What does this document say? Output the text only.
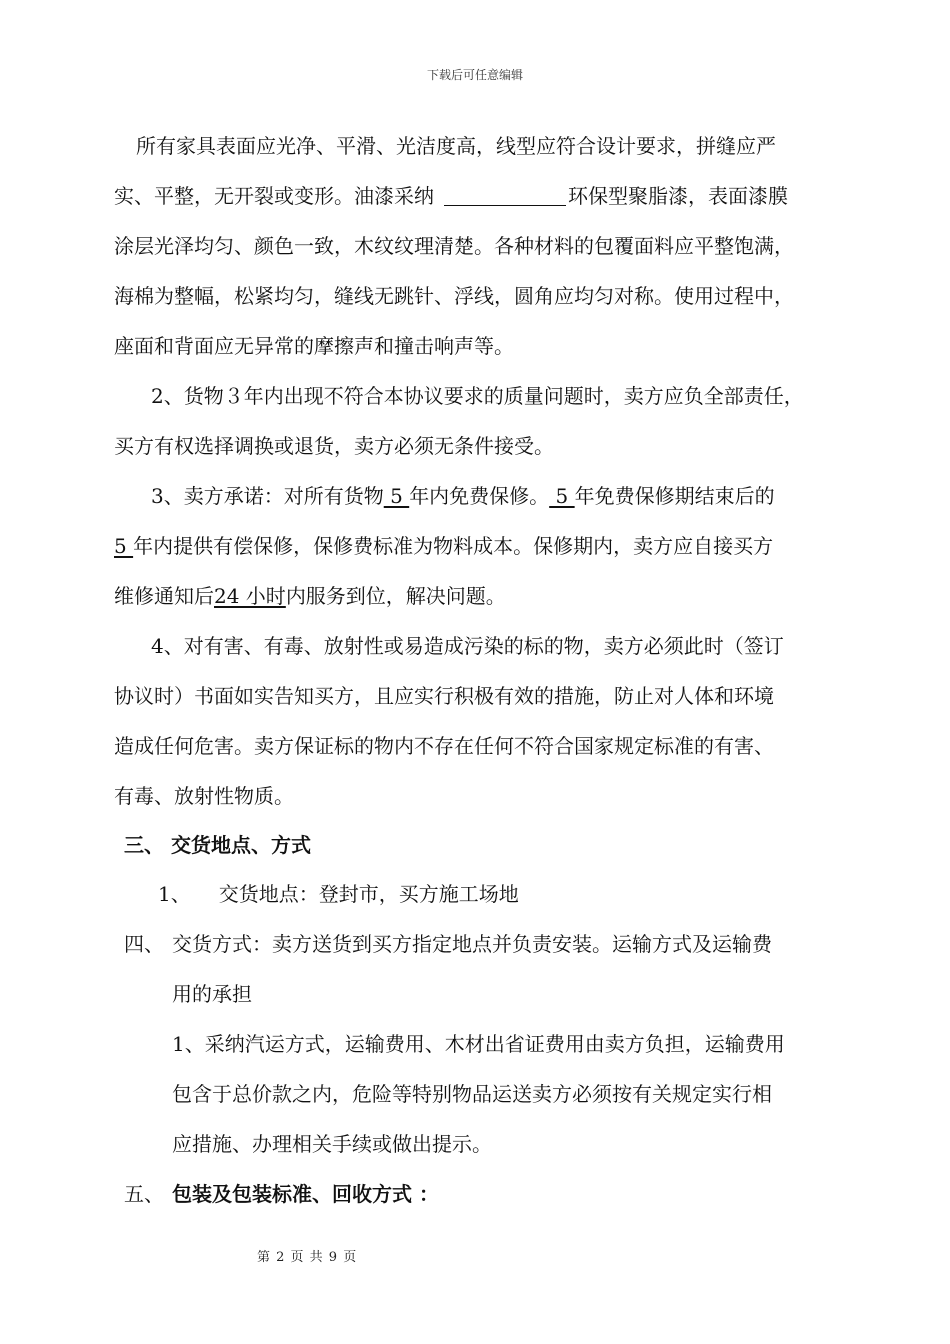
下载后可任意编辑
所有家具表面应光净、平滑、光洁度高，线型应符合设计要求，拼缝应严
实、平整，无开裂或变形。油漆采纳	环保型聚脂漆，表面漆膜
涂层光泽均匀、颜色一致，木纹纹理清楚。各种材料的包覆面料应平整饱满，
海棉为整幅，松紧均匀，缝线无跳针、浮线，圆角应均匀对称。使用过程中，
座面和背面应无异常的摩擦声和撞击响声等。
2、货物３年内出现不符合本协议要求的质量问题时，卖方应负全部责任，
买方有权选择调换或退货，卖方必须无条件接受。
3、卖方承诺：对所有货物 5 年内免费保修。 5 年免费保修期结束后的
5 年内提供有偿保修，保修费标准为物料成本。保修期内，卖方应自接买方
维修通知后24 小时内服务到位，解决问题。
4、对有害、有毒、放射性或易造成污染的标的物，卖方必须此时（签订
协议时）书面如实告知买方，且应实行积极有效的措施，防止对人体和环境
造成任何危害。卖方保证标的物内不存在任何不符合国家规定标准的有害、
有毒、放射性物质。
三、 交货地点、方式
1、 交货地点：登封市，买方施工场地
四、 交货方式：卖方送货到买方指定地点并负责安装。运输方式及运输费
用的承担
1、采纳汽运方式，运输费用、木材出省证费用由卖方负担，运输费用
包含于总价款之内，危险等特别物品运送卖方必须按有关规定实行相
应措施、办理相关手续或做出提示。
五、 包装及包装标准、回收方式 ：
第 2 页 共 9 页
